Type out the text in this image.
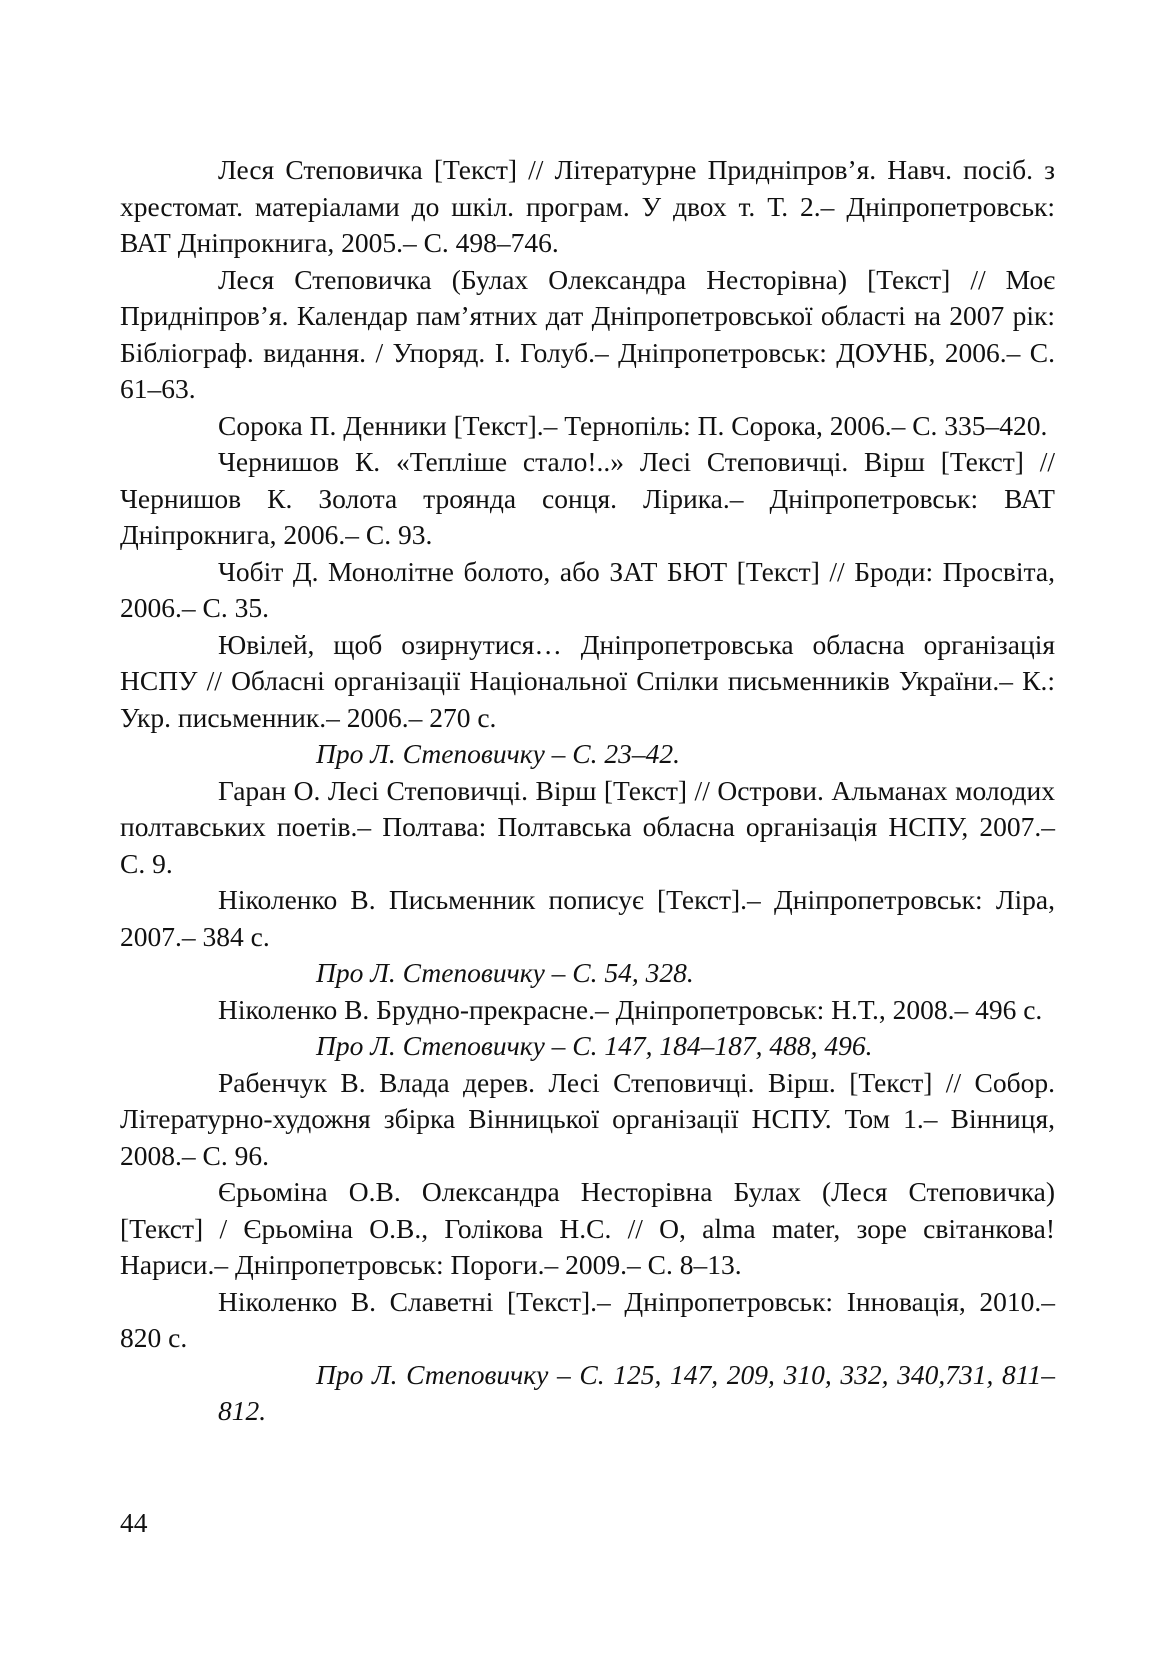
Леся Степовичка [Текст] // Літературне Придніпров’я. Навч. посіб. з хрестомат. матеріалами до шкіл. програм. У двох т. Т. 2.– Дніпропетровськ: ВАТ Дніпрокнига, 2005.– С. 498–746.

Леся Степовичка (Булах Олександра Несторівна) [Текст] // Моє Придніпров’я. Календар пам’ятних дат Дніпропетровської області на 2007 рік: Бібліограф. видання. / Упоряд. І. Голуб.– Дніпропетровськ: ДОУНБ, 2006.– С. 61–63.

Сорока П. Денники [Текст].– Тернопіль: П. Сорока, 2006.– С. 335–420.

Чернишов К. «Тепліше стало!..» Лесі Степовичці. Вірш [Текст] // Чернишов К. Золота троянда сонця. Лірика.– Дніпропетровськ: ВАТ Дніпрокнига, 2006.– С. 93.

Чобіт Д. Монолітне болото, або ЗАТ БЮТ [Текст] // Броди: Просвіта, 2006.– С. 35.

Ювілей, щоб озирнутися… Дніпропетровська обласна організація НСПУ // Обласні організації Національної Спілки письменників України.– К.: Укр. письменник.– 2006.– 270 с.

Про Л. Степовичку – С. 23–42.

Гаран О. Лесі Степовичці. Вірш [Текст] // Острови. Альманах молодих полтавських поетів.– Полтава: Полтавська обласна організація НСПУ, 2007.– С. 9.

Ніколенко В. Письменник пописує [Текст].– Дніпропетровськ: Ліра, 2007.– 384 с.

Про Л. Степовичку – С. 54, 328.

Ніколенко В. Брудно-прекрасне.– Дніпропетровськ: Н.Т., 2008.– 496 с.

Про Л. Степовичку – С. 147, 184–187, 488, 496.

Рабенчук В. Влада дерев. Лесі Степовичці. Вірш. [Текст] // Собор. Літературно-художня збірка Вінницької організації НСПУ. Том 1.– Вінниця, 2008.– С. 96.

Єрьоміна О.В. Олександра Несторівна Булах (Леся Степовичка) [Текст] / Єрьоміна О.В., Голікова Н.С. // О, alma mater, зоре світанкова! Нариси.– Дніпропетровськ: Пороги.– 2009.– С. 8–13.

Ніколенко В. Славетні [Текст].– Дніпропетровськ: Інновація, 2010.– 820 с.

Про Л. Степовичку – С. 125, 147, 209, 310, 332, 340,731, 811–812.

44
